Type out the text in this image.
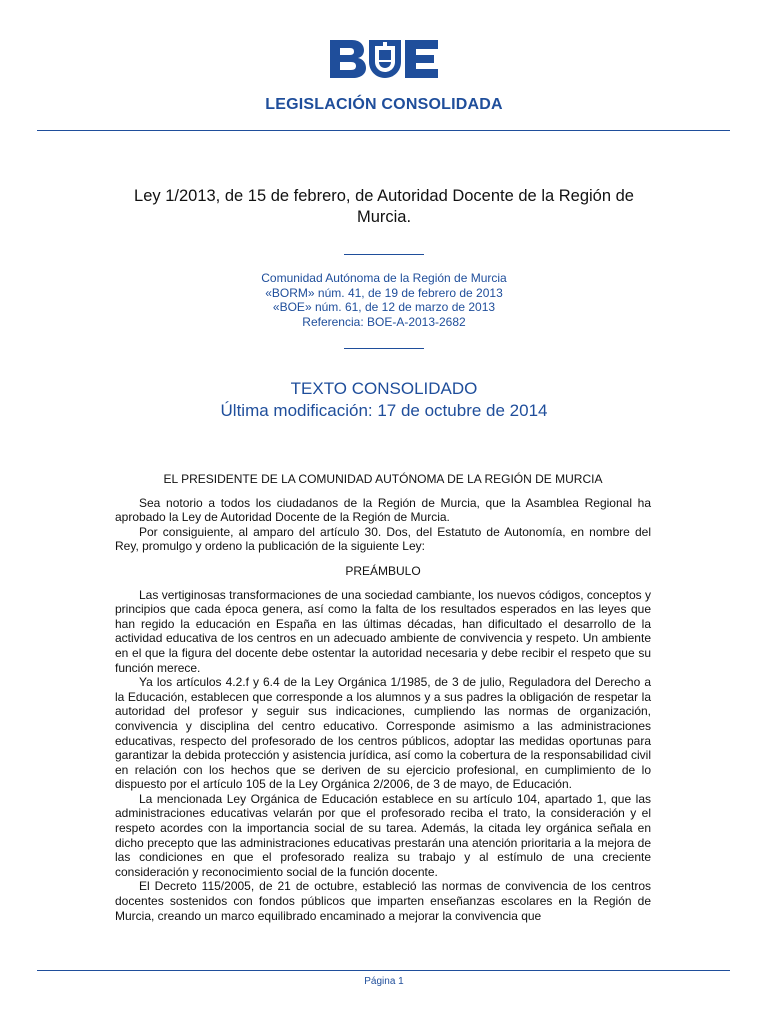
LEGISLACIÓN CONSOLIDADA
Ley 1/2013, de 15 de febrero, de Autoridad Docente de la Región de Murcia.
Comunidad Autónoma de la Región de Murcia
«BORM» núm. 41, de 19 de febrero de 2013
«BOE» núm. 61, de 12 de marzo de 2013
Referencia: BOE-A-2013-2682
TEXTO CONSOLIDADO
Última modificación: 17 de octubre de 2014

EL PRESIDENTE DE LA COMUNIDAD AUTÓNOMA DE LA REGIÓN DE MURCIA

Sea notorio a todos los ciudadanos de la Región de Murcia, que la Asamblea Regional ha aprobado la Ley de Autoridad Docente de la Región de Murcia.

Por consiguiente, al amparo del artículo 30. Dos, del Estatuto de Autonomía, en nombre del Rey, promulgo y ordeno la publicación de la siguiente Ley:

PREÁMBULO

Las vertiginosas transformaciones de una sociedad cambiante, los nuevos códigos, conceptos y principios que cada época genera, así como la falta de los resultados esperados en las leyes que han regido la educación en España en las últimas décadas, han dificultado el desarrollo de la actividad educativa de los centros en un adecuado ambiente de convivencia y respeto. Un ambiente en el que la figura del docente debe ostentar la autoridad necesaria y debe recibir el respeto que su función merece.

Ya los artículos 4.2.f y 6.4 de la Ley Orgánica 1/1985, de 3 de julio, Reguladora del Derecho a la Educación, establecen que corresponde a los alumnos y a sus padres la obligación de respetar la autoridad del profesor y seguir sus indicaciones, cumpliendo las normas de organización, convivencia y disciplina del centro educativo. Corresponde asimismo a las administraciones educativas, respecto del profesorado de los centros públicos, adoptar las medidas oportunas para garantizar la debida protección y asistencia jurídica, así como la cobertura de la responsabilidad civil en relación con los hechos que se deriven de su ejercicio profesional, en cumplimiento de lo dispuesto por el artículo 105 de la Ley Orgánica 2/2006, de 3 de mayo, de Educación.

La mencionada Ley Orgánica de Educación establece en su artículo 104, apartado 1, que las administraciones educativas velarán por que el profesorado reciba el trato, la consideración y el respeto acordes con la importancia social de su tarea. Además, la citada ley orgánica señala en dicho precepto que las administraciones educativas prestarán una atención prioritaria a la mejora de las condiciones en que el profesorado realiza su trabajo y al estímulo de una creciente consideración y reconocimiento social de la función docente.

El Decreto 115/2005, de 21 de octubre, estableció las normas de convivencia de los centros docentes sostenidos con fondos públicos que imparten enseñanzas escolares en la Región de Murcia, creando un marco equilibrado encaminado a mejorar la convivencia que

Página 1
